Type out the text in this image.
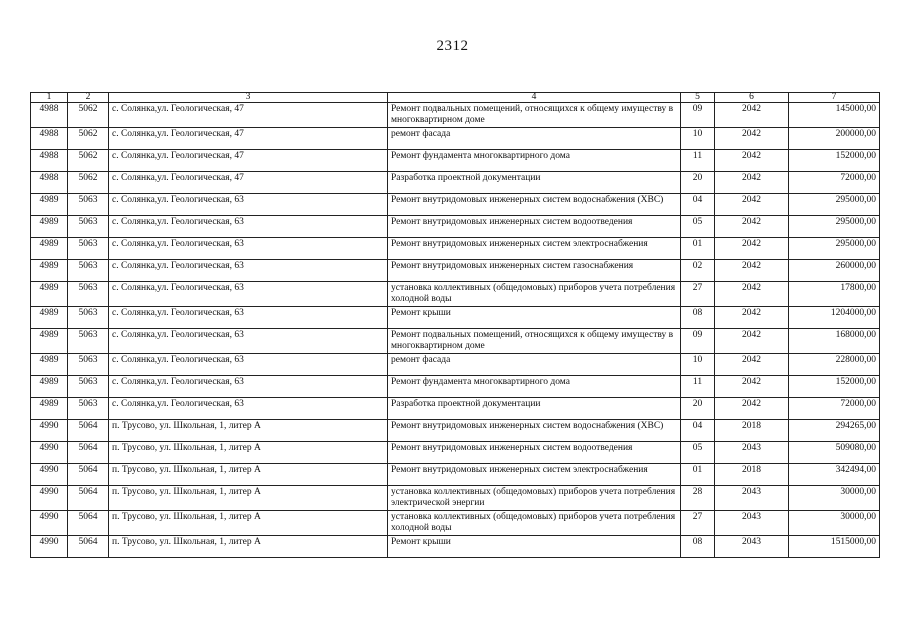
2312
1	2	3	4	5	6	7
4988	5062	с. Солянка,ул. Геологическая, 47	Ремонт подвальных помещений, относящихся к общему имуществу в многоквартирном доме	09	2042	145000,00
4988	5062	с. Солянка,ул. Геологическая, 47	ремонт фасада	10	2042	200000,00
4988	5062	с. Солянка,ул. Геологическая, 47	Ремонт фундамента многоквартирного дома	11	2042	152000,00
4988	5062	с. Солянка,ул. Геологическая, 47	Разработка проектной документации	20	2042	72000,00
4989	5063	с. Солянка,ул. Геологическая, 63	Ремонт внутридомовых инженерных систем водоснабжения (ХВС)	04	2042	295000,00
4989	5063	с. Солянка,ул. Геологическая, 63	Ремонт внутридомовых инженерных систем водоотведения	05	2042	295000,00
4989	5063	с. Солянка,ул. Геологическая, 63	Ремонт внутридомовых инженерных систем электроснабжения	01	2042	295000,00
4989	5063	с. Солянка,ул. Геологическая, 63	Ремонт внутридомовых инженерных систем газоснабжения	02	2042	260000,00
4989	5063	с. Солянка,ул. Геологическая, 63	установка коллективных (общедомовых) приборов учета потребления холодной воды	27	2042	17800,00
4989	5063	с. Солянка,ул. Геологическая, 63	Ремонт крыши	08	2042	1204000,00
4989	5063	с. Солянка,ул. Геологическая, 63	Ремонт подвальных помещений, относящихся к общему имуществу в многоквартирном доме	09	2042	168000,00
4989	5063	с. Солянка,ул. Геологическая, 63	ремонт фасада	10	2042	228000,00
4989	5063	с. Солянка,ул. Геологическая, 63	Ремонт фундамента многоквартирного дома	11	2042	152000,00
4989	5063	с. Солянка,ул. Геологическая, 63	Разработка проектной документации	20	2042	72000,00
4990	5064	п. Трусово, ул. Школьная, 1, литер А	Ремонт внутридомовых инженерных систем водоснабжения (ХВС)	04	2018	294265,00
4990	5064	п. Трусово, ул. Школьная, 1, литер А	Ремонт внутридомовых инженерных систем водоотведения	05	2043	509080,00
4990	5064	п. Трусово, ул. Школьная, 1, литер А	Ремонт внутридомовых инженерных систем электроснабжения	01	2018	342494,00
4990	5064	п. Трусово, ул. Школьная, 1, литер А	установка коллективных (общедомовых) приборов учета потребления электрической энергии	28	2043	30000,00
4990	5064	п. Трусово, ул. Школьная, 1, литер А	установка коллективных (общедомовых) приборов учета потребления холодной воды	27	2043	30000,00
4990	5064	п. Трусово, ул. Школьная, 1, литер А	Ремонт крыши	08	2043	1515000,00
